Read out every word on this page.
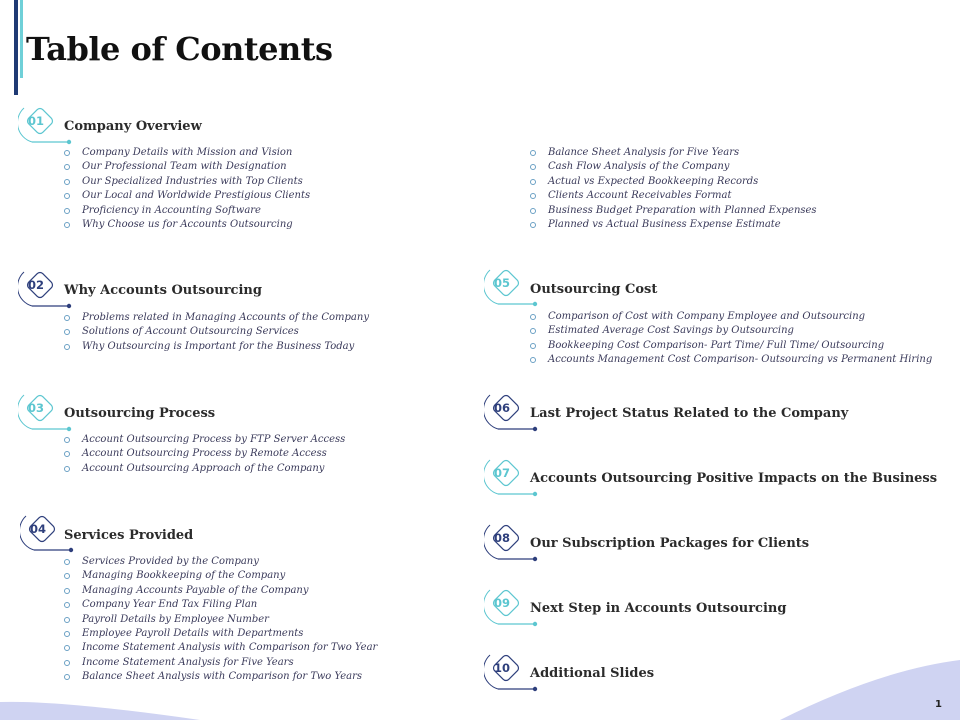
Table of Contents
01	Company Overview
Company Details with Mission and Vision
Our Professional Team with Designation
Our Specialized Industries with Top Clients
Our Local and Worldwide Prestigious Clients
Proficiency in Accounting Software
Why Choose us for Accounts Outsourcing
02	Why Accounts Outsourcing
Problems related in Managing Accounts of the Company
Solutions of Account Outsourcing Services
Why Outsourcing is Important for the Business Today
03	Outsourcing Process
Account Outsourcing Process by FTP Server Access
Account Outsourcing Process by Remote Access
Account Outsourcing Approach of the Company
04	Services Provided
Services Provided by the Company
Managing Bookkeeping of the Company
Managing Accounts Payable of the Company
Company Year End Tax Filing Plan
Payroll Details by Employee Number
Employee Payroll Details with Departments
Income Statement Analysis with Comparison for Two Year
Income Statement Analysis for Five Years
Balance Sheet Analysis with Comparison for Two Years
Balance Sheet Analysis for Five Years
Cash Flow Analysis of the Company
Actual vs Expected Bookkeeping Records
Clients Account Receivables Format
Business Budget Preparation with Planned Expenses
Planned vs Actual Business Expense Estimate
05	Outsourcing Cost
Comparison of Cost with Company Employee and Outsourcing
Estimated Average Cost Savings by Outsourcing
Bookkeeping Cost Comparison- Part Time/ Full Time/ Outsourcing
Accounts Management Cost Comparison- Outsourcing vs Permanent Hiring
06	Last Project Status Related to the Company
07	Accounts Outsourcing Positive Impacts on the Business
08	Our Subscription Packages for Clients
09	Next Step in Accounts Outsourcing
10	Additional Slides
1
